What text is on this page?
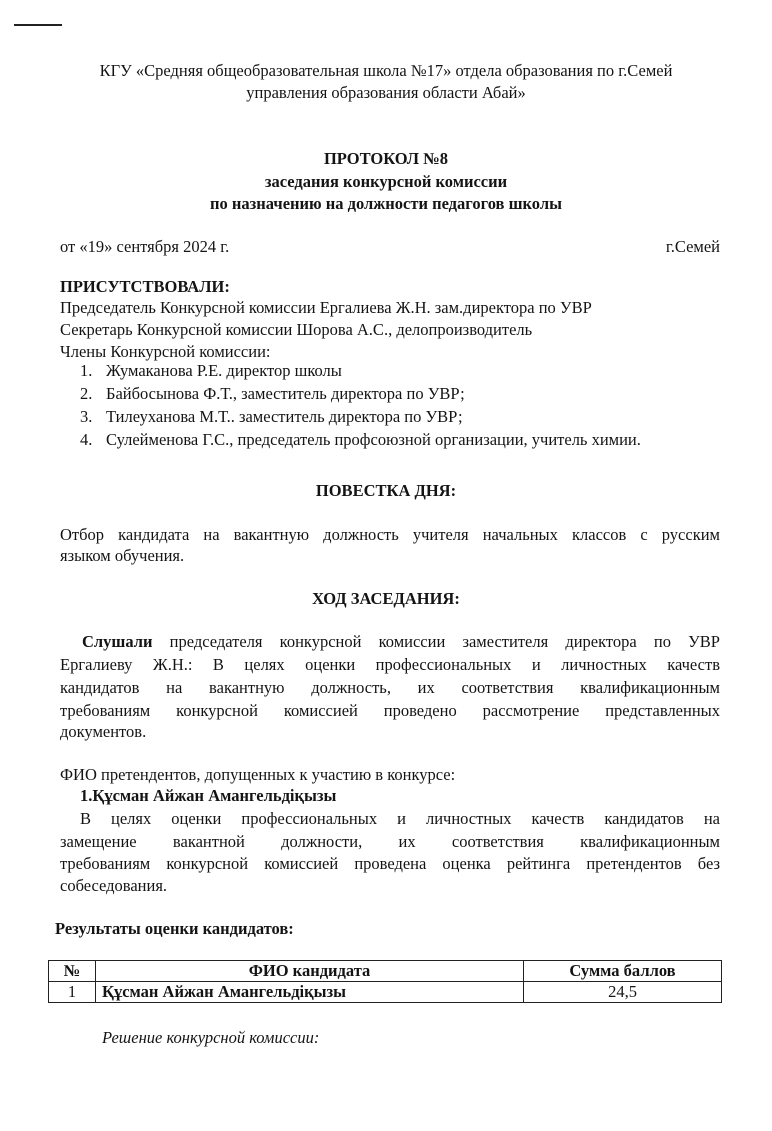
КГУ «Средняя общеобразовательная школа №17» отдела образования по г.Семей
управления образования области Абай»
ПРОТОКОЛ №8
заседания конкурсной комиссии
по назначению на должности педагогов школы
от «19» сентября 2024 г.	г.Семей
ПРИСУТСТВОВАЛИ:
Председатель Конкурсной комиссии Ергалиева Ж.Н. зам.директора по УВР
Секретарь Конкурсной комиссии Шорова А.С., делопроизводитель
Члены Конкурсной комиссии:
1. Жумаканова Р.Е. директор школы
2. Байбосынова Ф.Т., заместитель директора по УВР;
3. Тилеуханова М.Т.. заместитель директора по УВР;
4. Сулейменова Г.С., председатель профсоюзной организации, учитель химии.
ПОВЕСТКА ДНЯ:
Отбор кандидата на вакантную должность учителя начальных классов с русским
языком обучения.
ХОД ЗАСЕДАНИЯ:
Слушали председателя конкурсной комиссии заместителя директора по УВР
Ергалиеву Ж.Н.: В целях оценки профессиональных и личностных качеств
кандидатов на вакантную должность, их соответствия квалификационным
требованиям конкурсной комиссией проведено рассмотрение представленных
документов.
ФИО претендентов, допущенных к участию в конкурсе:
1.Құсман Айжан Амангельдіқызы
В целях оценки профессиональных и личностных качеств кандидатов на
замещение вакантной должности, их соответствия квалификационным
требованиям конкурсной комиссией проведена оценка рейтинга претендентов без
собеседования.
Результаты оценки кандидатов:
№	ФИО кандидата	Сумма баллов
1	Құсман Айжан Амангельдіқызы	24,5
Решение конкурсной комиссии:
